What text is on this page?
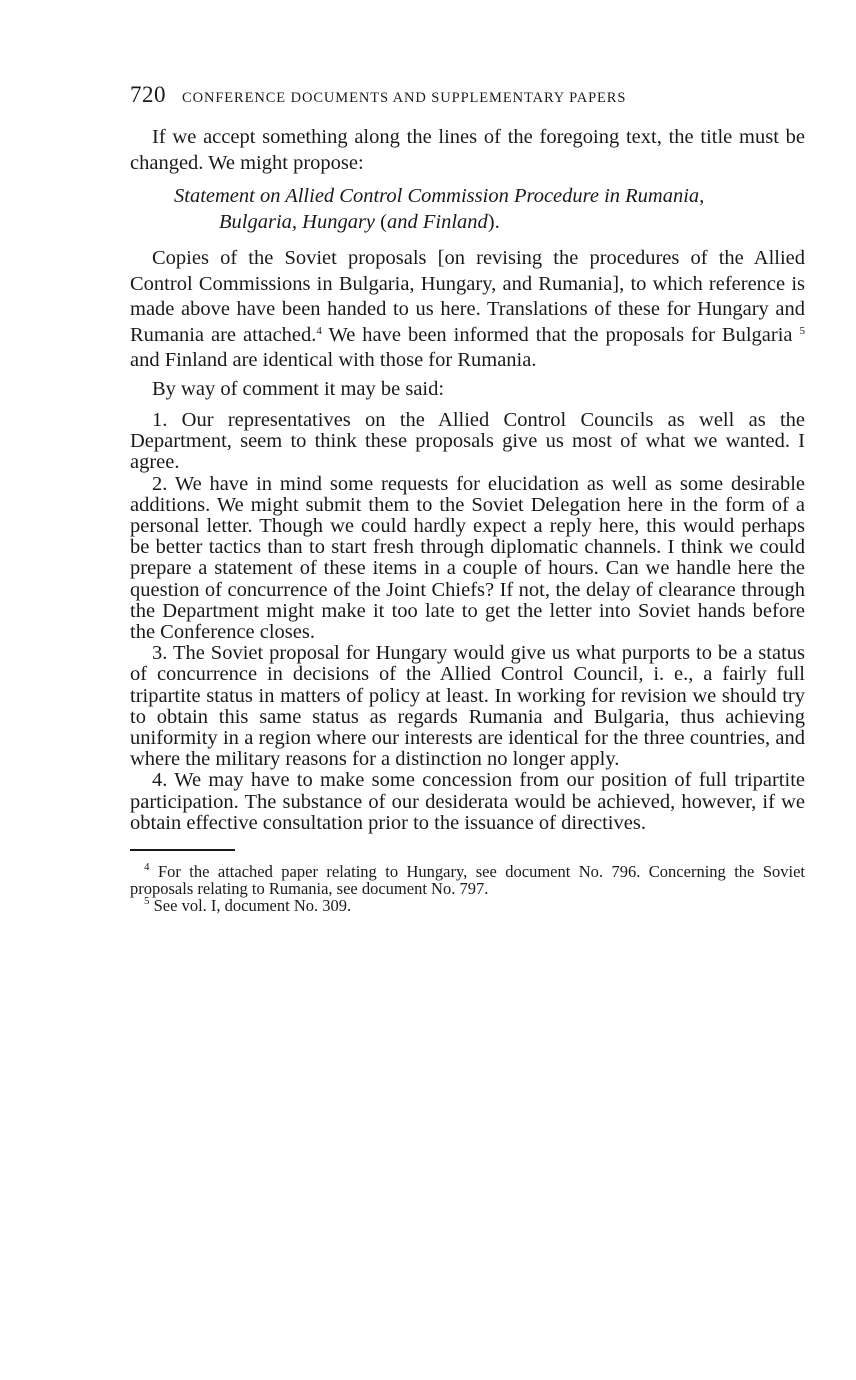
720 CONFERENCE DOCUMENTS AND SUPPLEMENTARY PAPERS

If we accept something along the lines of the foregoing text, the title must be changed. We might propose:

Statement on Allied Control Commission Procedure in Rumania,
Bulgaria, Hungary (and Finland).

Copies of the Soviet proposals [on revising the procedures of the Allied Control Commissions in Bulgaria, Hungary, and Rumania], to which reference is made above have been handed to us here. Translations of these for Hungary and Rumania are attached.$^4$ We have been informed that the proposals for Bulgaria $^5$ and Finland are identical with those for Rumania.

By way of comment it may be said:

1. Our representatives on the Allied Control Councils as well as the Department, seem to think these proposals give us most of what we wanted. I agree.

2. We have in mind some requests for elucidation as well as some desirable additions. We might submit them to the Soviet Delegation here in the form of a personal letter. Though we could hardly expect a reply here, this would perhaps be better tactics than to start fresh through diplomatic channels. I think we could prepare a statement of these items in a couple of hours. Can we handle here the question of concurrence of the Joint Chiefs? If not, the delay of clearance through the Department might make it too late to get the letter into Soviet hands before the Conference closes.

3. The Soviet proposal for Hungary would give us what purports to be a status of concurrence in decisions of the Allied Control Council, i. e., a fairly full tripartite status in matters of policy at least. In working for revision we should try to obtain this same status as regards Rumania and Bulgaria, thus achieving uniformity in a region where our interests are identical for the three countries, and where the military reasons for a distinction no longer apply.

4. We may have to make some concession from our position of full tripartite participation. The substance of our desiderata would be achieved, however, if we obtain effective consultation prior to the issuance of directives.

$^4$ For the attached paper relating to Hungary, see document No. 796. Concerning the Soviet proposals relating to Rumania, see document No. 797.

$^5$ See vol. I, document No. 309.
